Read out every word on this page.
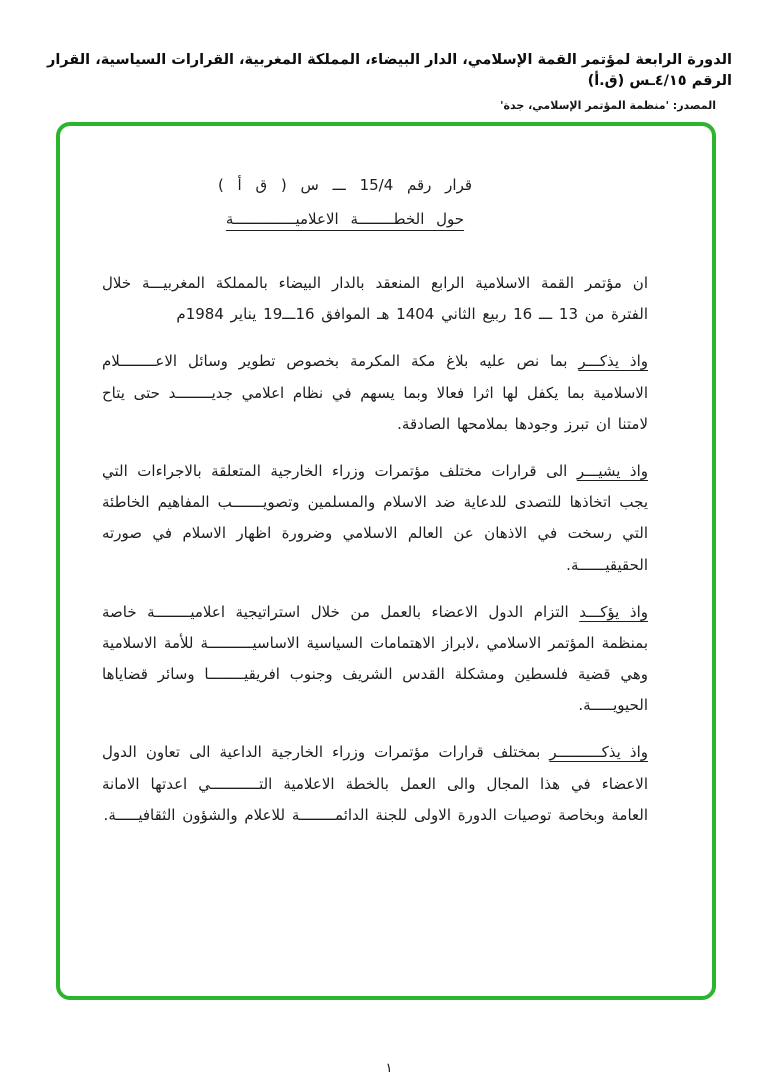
الدورة الرابعة لمؤتمر القمة الإسلامي، الدار البيضاء، المملكة المغربية، القرارات السياسية، القرار الرقم ٤/١٥ـس (ق.أ)
المصدر: 'منظمة المؤتمر الإسلامي، جدة'
قرار رقم 15/4 ـــ س ( ق أ )
حول الخطــــــــة الاعلاميــــــــــــــة

ان مؤتمر القمة الاسلامية الرابع المنعقد بالدار البيضاء بالمملكة المغربيـــة خلال الفترة من 13 ـــ 16 ربيع الثاني 1404 هـ الموافق 16ـــ19 يناير 1984م

واذ يذكـــر بما نص عليه بلاغ مكة المكرمة بخصوص تطوير وسائل الاعــــــــلام الاسلامية بما يكفل لها اثرا فعالا وبما يسهم في نظام اعلامي جديــــــــد حتى يتاح لامتنا ان تبرز وجودها بملامحها الصادقة.

واذ يشيـــر الى قرارات مختلف مؤتمرات وزراء الخارجية المتعلقة بالاجراءات التي يجب اتخاذها للتصدى للدعاية ضد الاسلام والمسلمين وتصويـــــــب المفاهيم الخاطئة التي رسخت في الاذهان عن العالم الاسلامي وضرورة اظهار الاسلام في صورته الحقيقيــــــة.

واذ يؤكـــد التزام الدول الاعضاء بالعمل من خلال استراتيجية اعلاميــــــــة خاصة بمنظمة المؤتمر الاسلامي ،لابراز الاهتمامات السياسية الاساسيــــــــــة للأمة الاسلامية وهي قضية فلسطين ومشكلة القدس الشريف وجنوب افريقيــــــــا وسائر قضاياها الحيويـــــة.

واذ يذكــــــــــر بمختلف قرارات مؤتمرات وزراء الخارجية الداعية الى تعاون الدول الاعضاء في هذا المجال والى العمل بالخطة الاعلامية التـــــــــــي اعدتها الامانة العامة وبخاصة توصيات الدورة الاولى للجنة الدائمــــــــة للاعلام والشؤون الثقافيـــــة.

١
